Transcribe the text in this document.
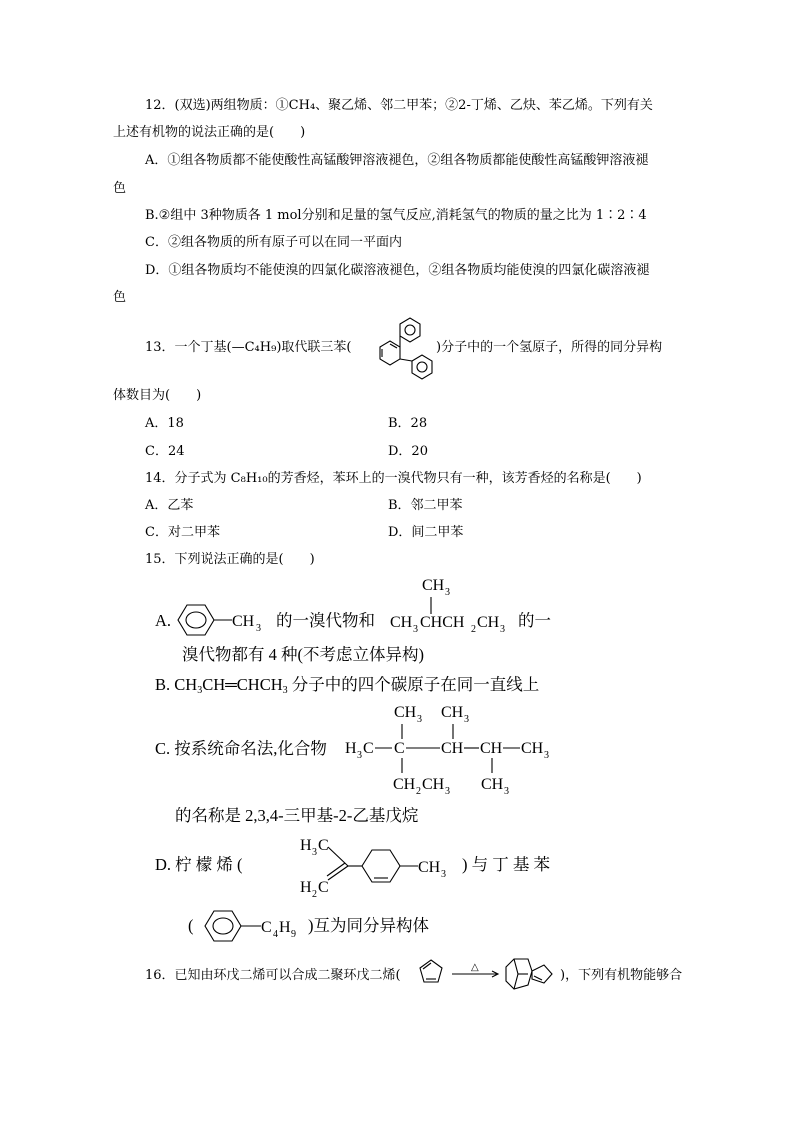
12．(双选)两组物质：①CH₄、聚乙烯、邻二甲苯；②2-丁烯、乙炔、苯乙烯。下列有关
上述有机物的说法正确的是(　　)
A．①组各物质都不能使酸性高锰酸钾溶液褪色，②组各物质都能使酸性高锰酸钾溶液褪
色
B.②组中 3种物质各 1 mol分别和足量的氢气反应,消耗氢气的物质的量之比为 1∶2∶4
C．②组各物质的所有原子可以在同一平面内
D．①组各物质均不能使溴的四氯化碳溶液褪色，②组各物质均能使溴的四氯化碳溶液褪
色
13．一个丁基(—C₄H₉)取代联三苯(	)分子中的一个氢原子，所得的同分异构
体数目为(　　)
A．18	B．28
C．24	D．20
14．分子式为 C₈H₁₀的芳香烃，苯环上的一溴代物只有一种，该芳香烃的名称是(　　)
A．乙苯	B．邻二甲苯
C．对二甲苯	D．间二甲苯
15．下列说法正确的是(　　)
A.	CH 3 的一溴代物和
CH 3
CH 3 CHCH 2 CH 3 的一
溴代物都有 4 种(不考虑立体异构)
B. $CH_3CH═CHCH_3$ 分子中的四个碳原子在同一直线上
C. 按系统命名法,化合物
CH 3 CH 3
H 3 C C CH CH CH 3
CH 2 CH 3 CH 3
的名称是 2,3,4-三甲基-2-乙基戊烷
D. 柠 檬 烯 (
H 3 C
H 2 C
CH 3
) 与 丁 基 苯
(	C 4 H 9 )互为同分异构体
16．已知由环戊二烯可以合成二聚环戊二烯(
△
)，下列有机物能够合
